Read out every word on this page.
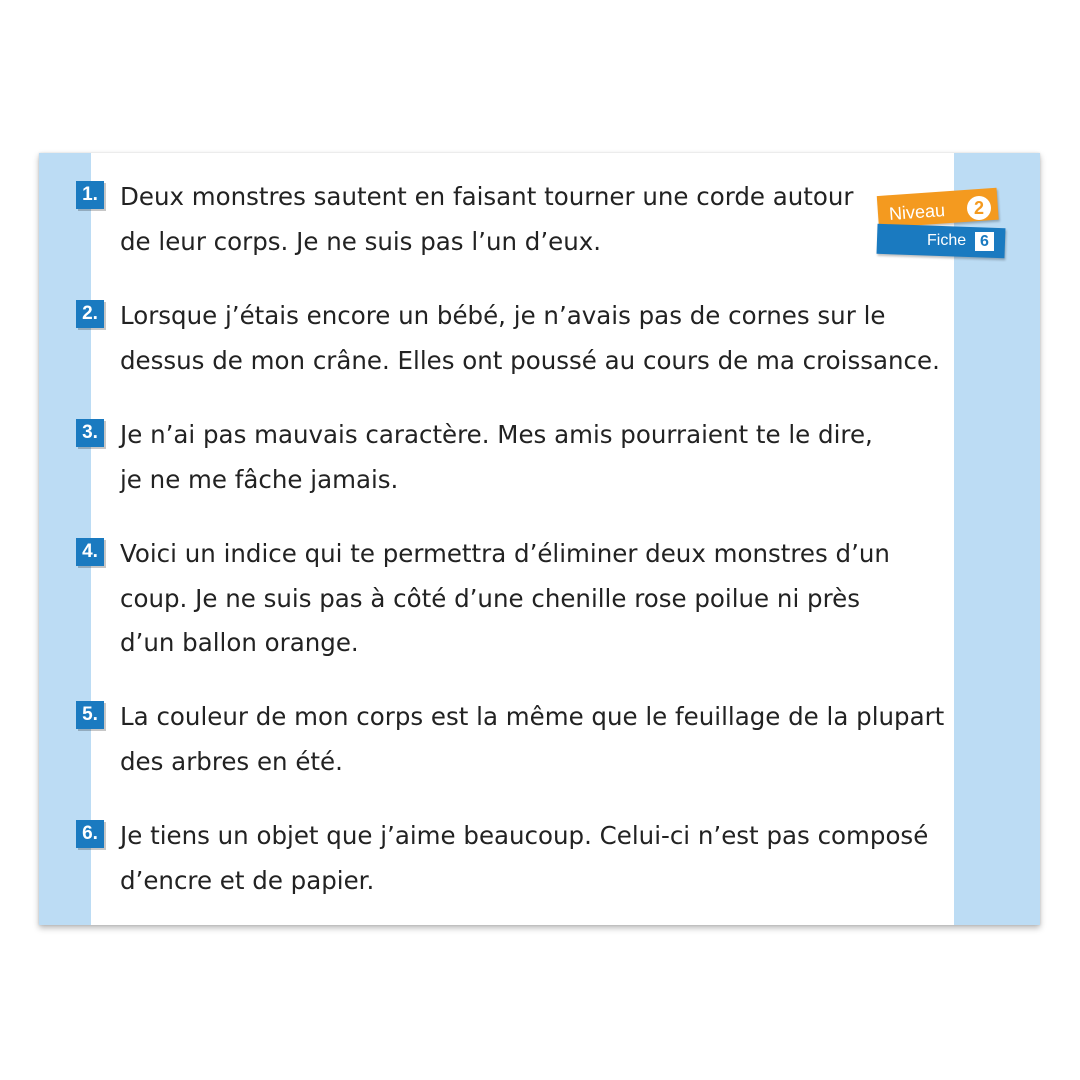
Niveau	2
Fiche 6
1. Deux monstres sautent en faisant tourner une corde autour de leur corps. Je ne suis pas l’un d’eux.

2. Lorsque j’étais encore un bébé, je n’avais pas de cornes sur le dessus de mon crâne. Elles ont poussé au cours de ma croissance.

3. Je n’ai pas mauvais caractère. Mes amis pourraient te le dire, je ne me fâche jamais.

4. Voici un indice qui te permettra d’éliminer deux monstres d’un coup. Je ne suis pas à côté d’une chenille rose poilue ni près d’un ballon orange.

5. La couleur de mon corps est la même que le feuillage de la plupart des arbres en été.

6. Je tiens un objet que j’aime beaucoup. Celui-ci n’est pas composé d’encre et de papier.
